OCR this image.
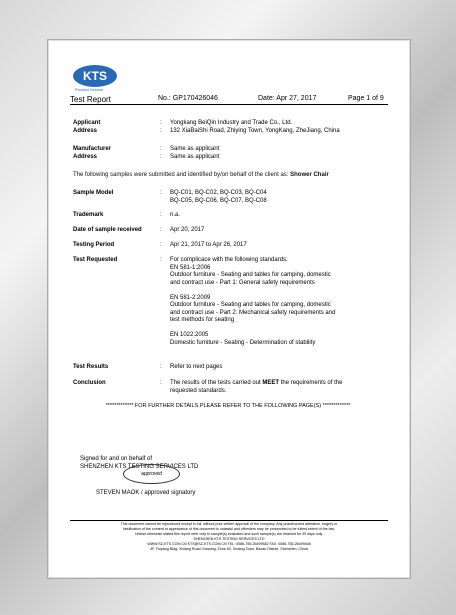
KTS
Product Service
Test Report	No.: GP170426046	Date: Apr 27, 2017	Page 1 of 9
Applicant	: Yongkang BeiQin Industry and Trade Co., Ltd.
Address	: 132 XiaBaiShi Road, Zhiying Town, YongKang, ZheJiang, China
Manufacturer	: Same as applicant
Address	: Same as applicant
The following samples were submitted and identified by/on behalf of the client as: Shower Chair
Sample Model	: BQ-C01, BQ-C02, BQ-C03, BQ-C04
BQ-C05, BQ-C06, BQ-C07, BQ-C08
Trademark	: n.a.
Date of sample received	: Apr 20, 2017
Testing Period	: Apr 21, 2017 to Apr 26, 2017
Test Requested	: For complicace with the following standards:
EN 581-1:2006
Outdoor furniture - Seating and tables for camping, domestic
and contract use - Part 1: General safety requirements
EN 581-2:2009
Outdoor furniture - Seating and tables for camping, domestic
and contract use - Part 2: Mechanical safety requirements and
test methods for seating
EN 1022:2005
Domestic furniture - Seating - Determination of stability
Test Results	: Refer to next pages
Conclusion	: The results of the tests carried out MEET the requirements of the
requested standards.
************* FOR FURTHER DETAILS PLEASE REFER TO THE FOLLOWING PAGE(S) *************
Signed for and on behalf of
SHENZHEN KTS TESTING SERVICES LTD
approved
STEVEN MAOK / approved signatory
This document cannot be reproduced except in full, without prior written approval of the company. Any unauthorized alteration, forgery or
falsification of the content or appearance of this document is unlawful and offenders may be prosecuted to be fullest extent of the law.
Unless otherwise stated this report refer only to sample(s) evaluated and such sample(s) are retained for 30 days only.
SHENZHEN KTS TESTING SERVICES LTD
WWW.SZ-KTS.COM.CN KTS@SZ-KTS.COM.CN TEL: 0086-755-26499582 FAX: 0086-755-26499408
4F, Fuqiang Bldg, Xixiang Road Crossing, Zone 62, Xixiang Town, Baoan District, Shenzhen, China
